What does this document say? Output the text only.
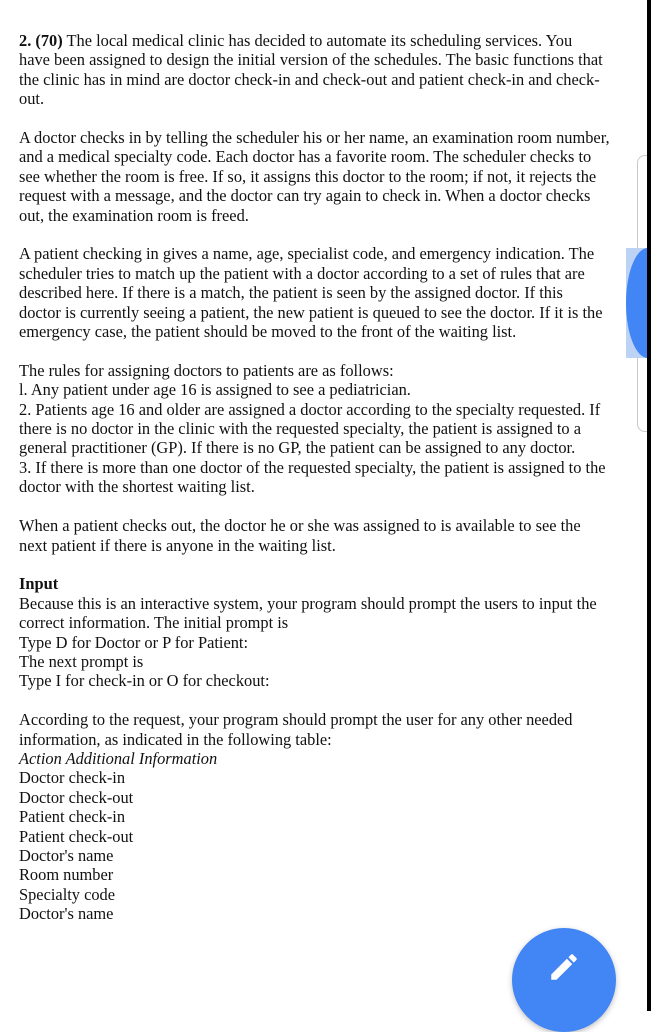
2. (70) The local medical clinic has decided to automate its scheduling services. You
have been assigned to design the initial version of the schedules. The basic functions that
the clinic has in mind are doctor check-in and check-out and patient check-in and check-
out.

A doctor checks in by telling the scheduler his or her name, an examination room number,
and a medical specialty code. Each doctor has a favorite room. The scheduler checks to
see whether the room is free. If so, it assigns this doctor to the room; if not, it rejects the
request with a message, and the doctor can try again to check in. When a doctor checks
out, the examination room is freed.

A patient checking in gives a name, age, specialist code, and emergency indication. The
scheduler tries to match up the patient with a doctor according to a set of rules that are
described here. If there is a match, the patient is seen by the assigned doctor. If this
doctor is currently seeing a patient, the new patient is queued to see the doctor. If it is the
emergency case, the patient should be moved to the front of the waiting list.

The rules for assigning doctors to patients are as follows:
l. Any patient under age 16 is assigned to see a pediatrician.
2. Patients age 16 and older are assigned a doctor according to the specialty requested. If
there is no doctor in the clinic with the requested specialty, the patient is assigned to a
general practitioner (GP). If there is no GP, the patient can be assigned to any doctor.
3. If there is more than one doctor of the requested specialty, the patient is assigned to the
doctor with the shortest waiting list.

When a patient checks out, the doctor he or she was assigned to is available to see the
next patient if there is anyone in the waiting list.

Input
Because this is an interactive system, your program should prompt the users to input the
correct information. The initial prompt is
Type D for Doctor or P for Patient:
The next prompt is
Type I for check-in or O for checkout:

According to the request, your program should prompt the user for any other needed
information, as indicated in the following table:
Action Additional Information
Doctor check-in
Doctor check-out
Patient check-in
Patient check-out
Doctor's name
Room number
Specialty code
Doctor's name
